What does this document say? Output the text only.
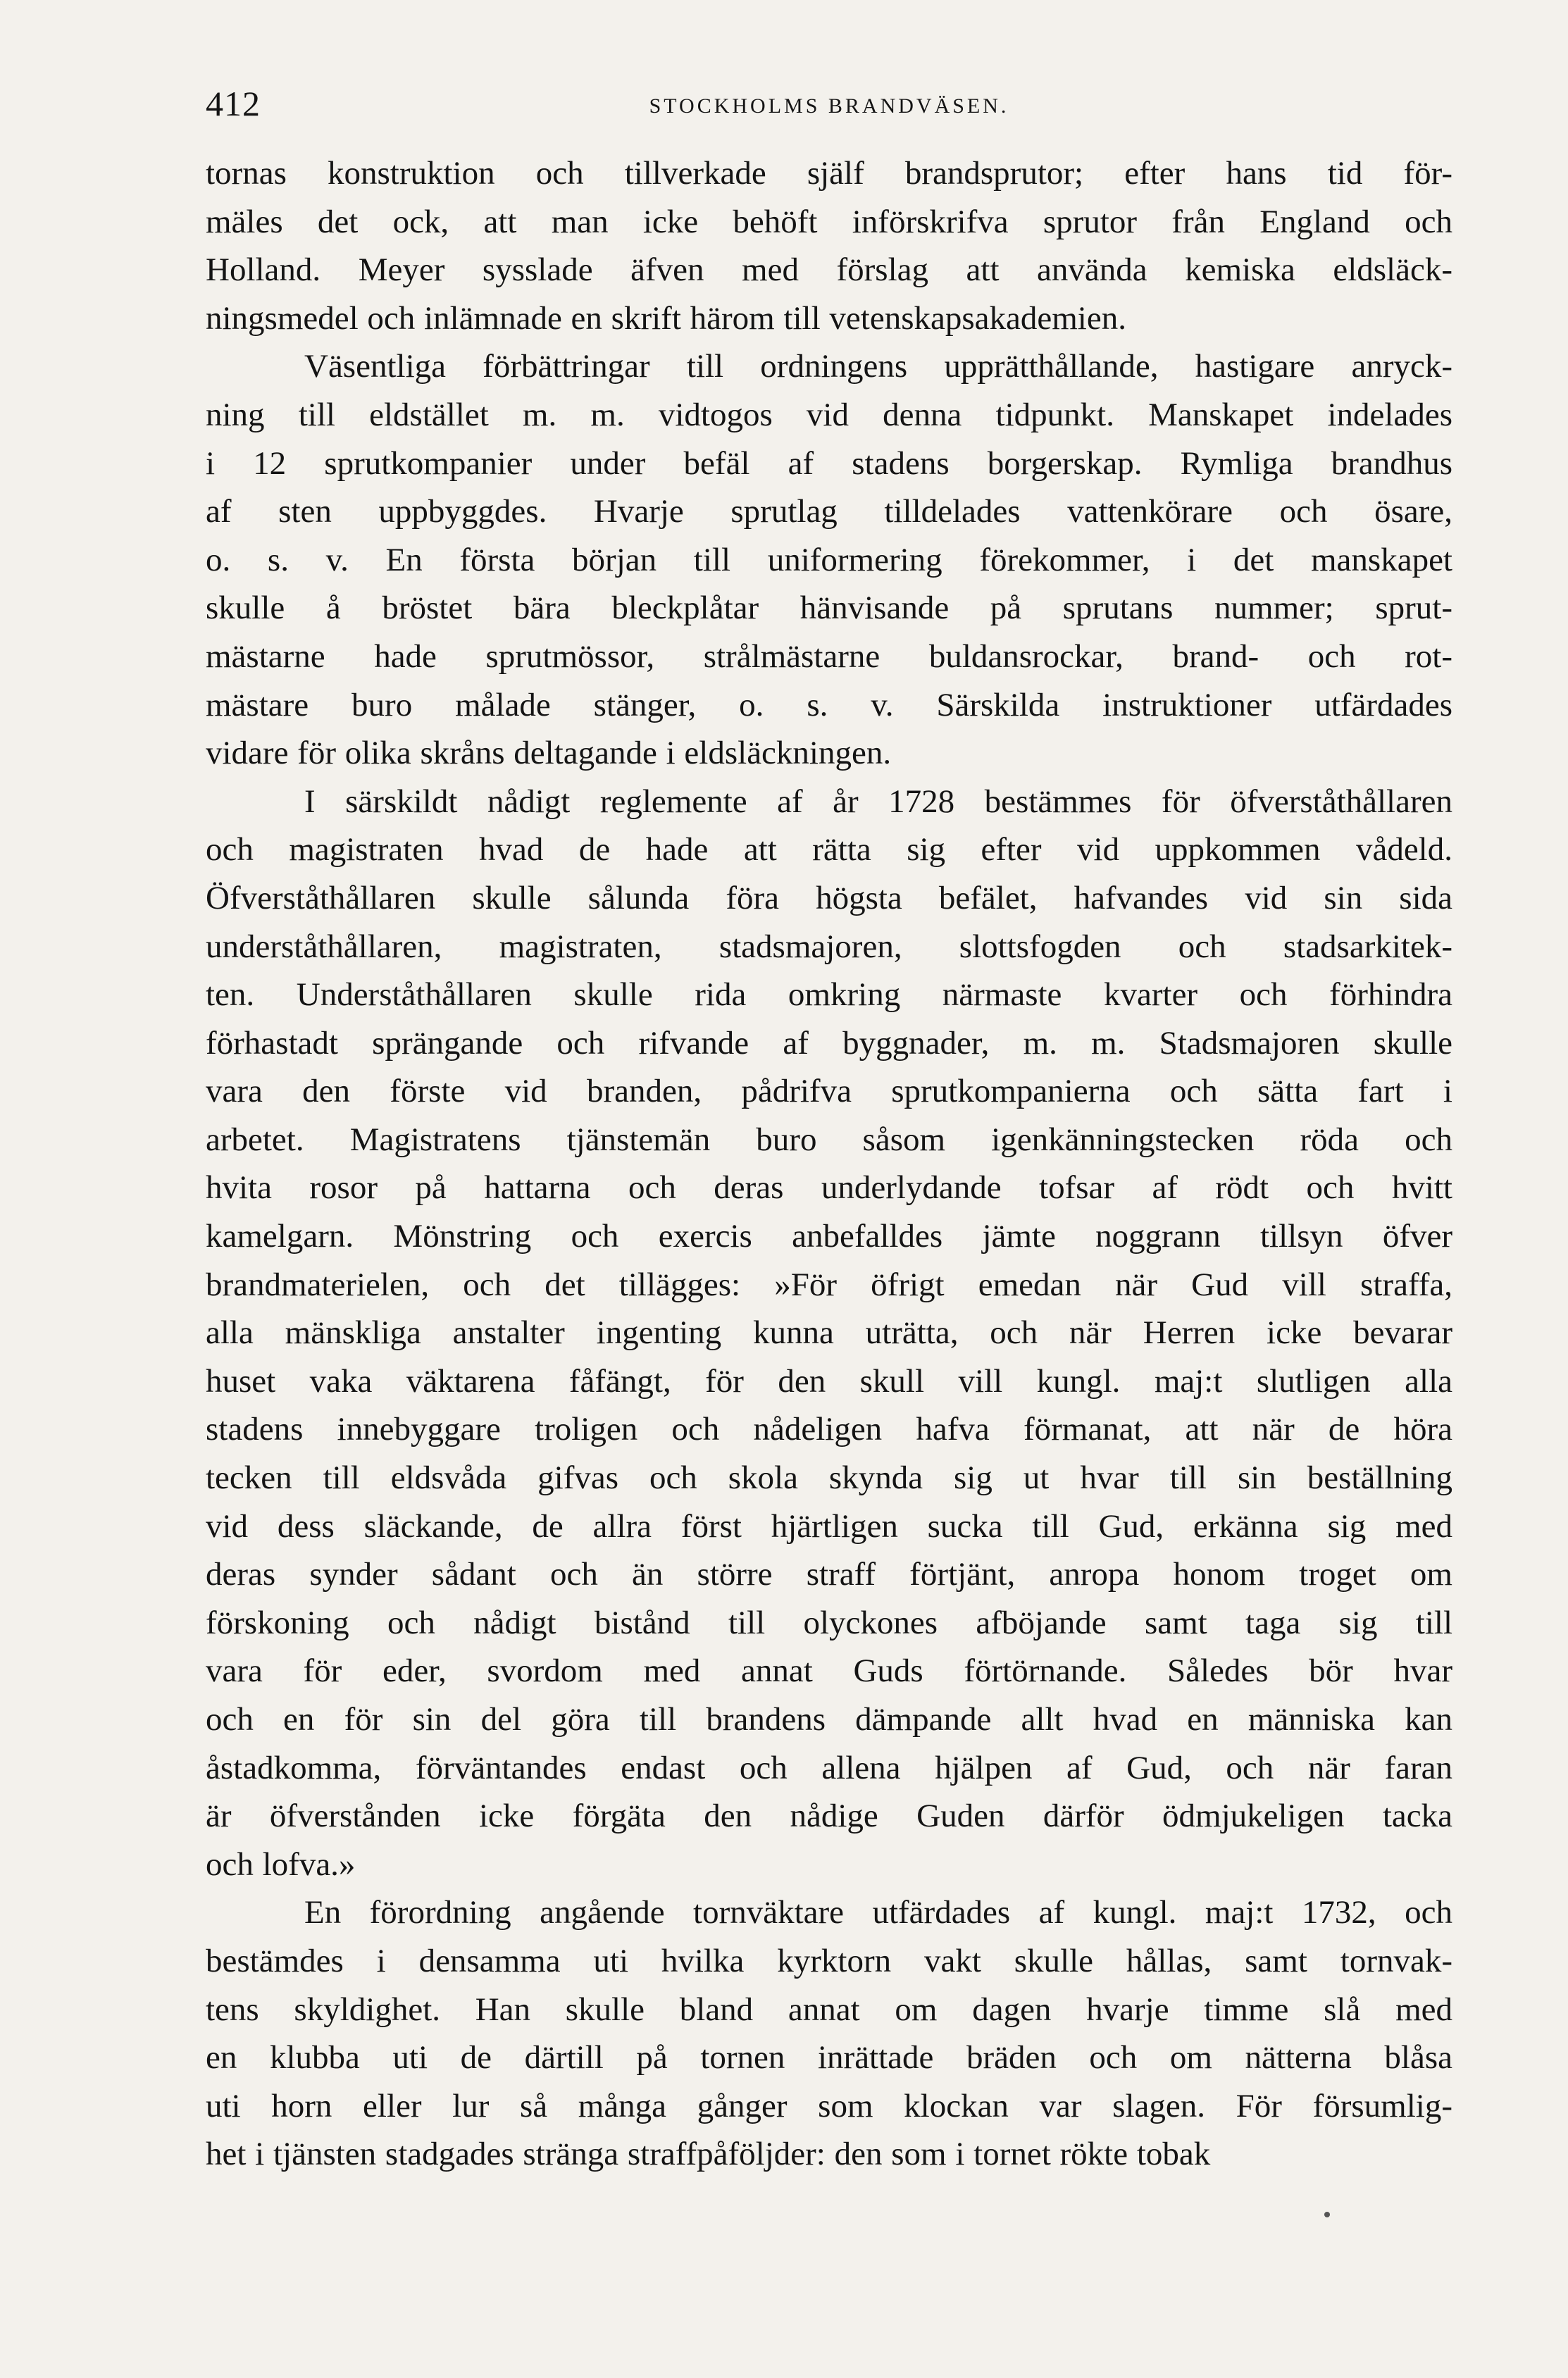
412	STOCKHOLMS BRANDVÄSEN.
tornas konstruktion och tillverkade själf brandsprutor; efter hans tid för-
mäles det ock, att man icke behöft införskrifva sprutor från England och
Holland. Meyer sysslade äfven med förslag att använda kemiska eldsläck-
ningsmedel och inlämnade en skrift härom till vetenskapsakademien.
Väsentliga förbättringar till ordningens upprätthållande, hastigare anryck-
ning till eldstället m. m. vidtogos vid denna tidpunkt. Manskapet indelades
i 12 sprutkompanier under befäl af stadens borgerskap. Rymliga brandhus
af sten uppbyggdes. Hvarje sprutlag tilldelades vattenkörare och ösare,
o. s. v. En första början till uniformering förekommer, i det manskapet
skulle å bröstet bära bleckplåtar hänvisande på sprutans nummer; sprut-
mästarne hade sprutmössor, strålmästarne buldansrockar, brand- och rot-
mästare buro målade stänger, o. s. v. Särskilda instruktioner utfärdades
vidare för olika skråns deltagande i eldsläckningen.
I särskildt nådigt reglemente af år 1728 bestämmes för öfverståthållaren
och magistraten hvad de hade att rätta sig efter vid uppkommen vådeld.
Öfverståthållaren skulle sålunda föra högsta befälet, hafvandes vid sin sida
underståthållaren, magistraten, stadsmajoren, slottsfogden och stadsarkitek-
ten. Underståthållaren skulle rida omkring närmaste kvarter och förhindra
förhastadt sprängande och rifvande af byggnader, m. m. Stadsmajoren skulle
vara den förste vid branden, pådrifva sprutkompanierna och sätta fart i
arbetet. Magistratens tjänstemän buro såsom igenkänningstecken röda och
hvita rosor på hattarna och deras underlydande tofsar af rödt och hvitt
kamelgarn. Mönstring och exercis anbefalldes jämte noggrann tillsyn öfver
brandmaterielen, och det tillägges: »För öfrigt emedan när Gud vill straffa,
alla mänskliga anstalter ingenting kunna uträtta, och när Herren icke bevarar
huset vaka väktarena fåfängt, för den skull vill kungl. maj:t slutligen alla
stadens innebyggare troligen och nådeligen hafva förmanat, att när de höra
tecken till eldsvåda gifvas och skola skynda sig ut hvar till sin beställning
vid dess släckande, de allra först hjärtligen sucka till Gud, erkänna sig med
deras synder sådant och än större straff förtjänt, anropa honom troget om
förskoning och nådigt bistånd till olyckones afböjande samt taga sig till
vara för eder, svordom med annat Guds förtörnande. Således bör hvar
och en för sin del göra till brandens dämpande allt hvad en människa kan
åstadkomma, förväntandes endast och allena hjälpen af Gud, och när faran
är öfverstånden icke förgäta den nådige Guden därför ödmjukeligen tacka
och lofva.»
En förordning angående tornväktare utfärdades af kungl. maj:t 1732, och
bestämdes i densamma uti hvilka kyrktorn vakt skulle hållas, samt tornvak-
tens skyldighet. Han skulle bland annat om dagen hvarje timme slå med
en klubba uti de därtill på tornen inrättade bräden och om nätterna blåsa
uti horn eller lur så många gånger som klockan var slagen. För försumlig-
het i tjänsten stadgades stränga straffpåföljder: den som i tornet rökte tobak
